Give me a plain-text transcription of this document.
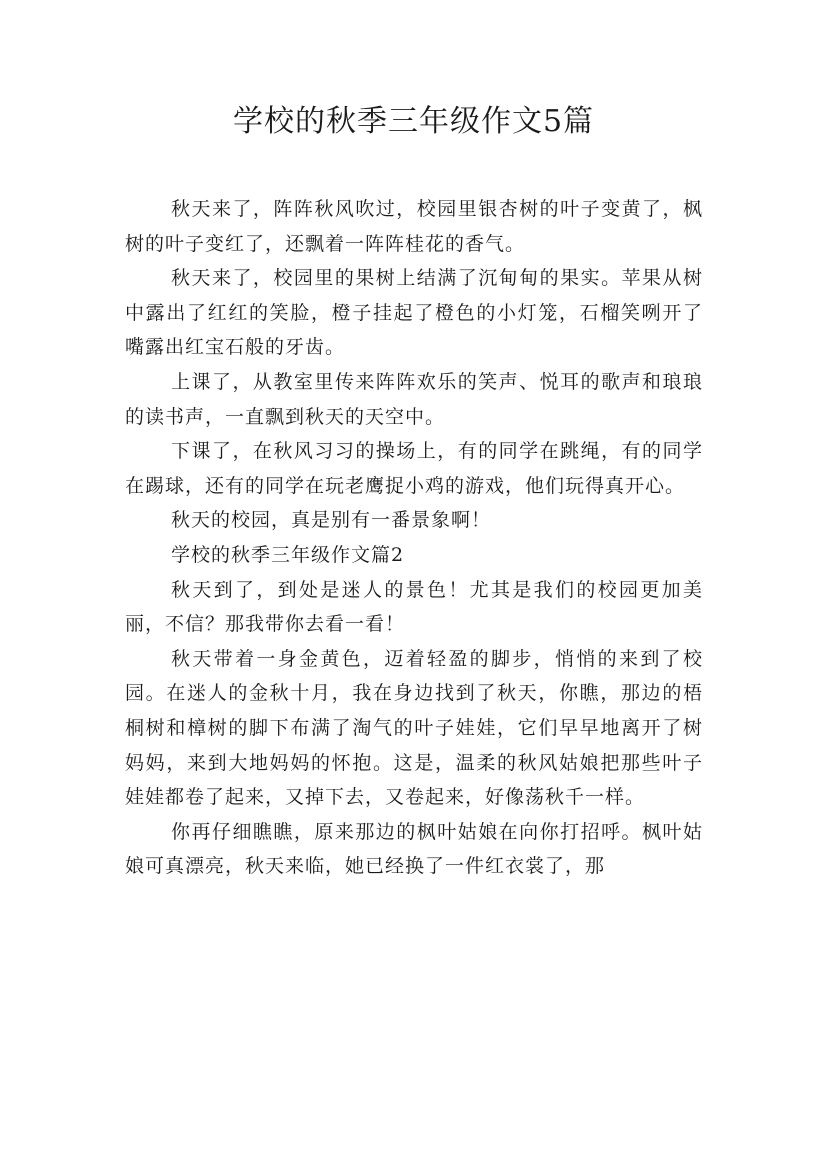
学校的秋季三年级作文5篇

秋天来了，阵阵秋风吹过，校园里银杏树的叶子变黄了，枫树的叶子变红了，还飘着一阵阵桂花的香气。

秋天来了，校园里的果树上结满了沉甸甸的果实。苹果从树中露出了红红的笑脸，橙子挂起了橙色的小灯笼，石榴笑咧开了嘴露出红宝石般的牙齿。

上课了，从教室里传来阵阵欢乐的笑声、悦耳的歌声和琅琅的读书声，一直飘到秋天的天空中。

下课了，在秋风习习的操场上，有的同学在跳绳，有的同学在踢球，还有的同学在玩老鹰捉小鸡的游戏，他们玩得真开心。

秋天的校园，真是别有一番景象啊！

学校的秋季三年级作文篇2

秋天到了，到处是迷人的景色！尤其是我们的校园更加美丽，不信？那我带你去看一看！

秋天带着一身金黄色，迈着轻盈的脚步，悄悄的来到了校园。在迷人的金秋十月，我在身边找到了秋天，你瞧，那边的梧桐树和樟树的脚下布满了淘气的叶子娃娃，它们早早地离开了树妈妈，来到大地妈妈的怀抱。这是，温柔的秋风姑娘把那些叶子娃娃都卷了起来，又掉下去，又卷起来，好像荡秋千一样。

你再仔细瞧瞧，原来那边的枫叶姑娘在向你打招呼。枫叶姑娘可真漂亮，秋天来临，她已经换了一件红衣裳了，那
